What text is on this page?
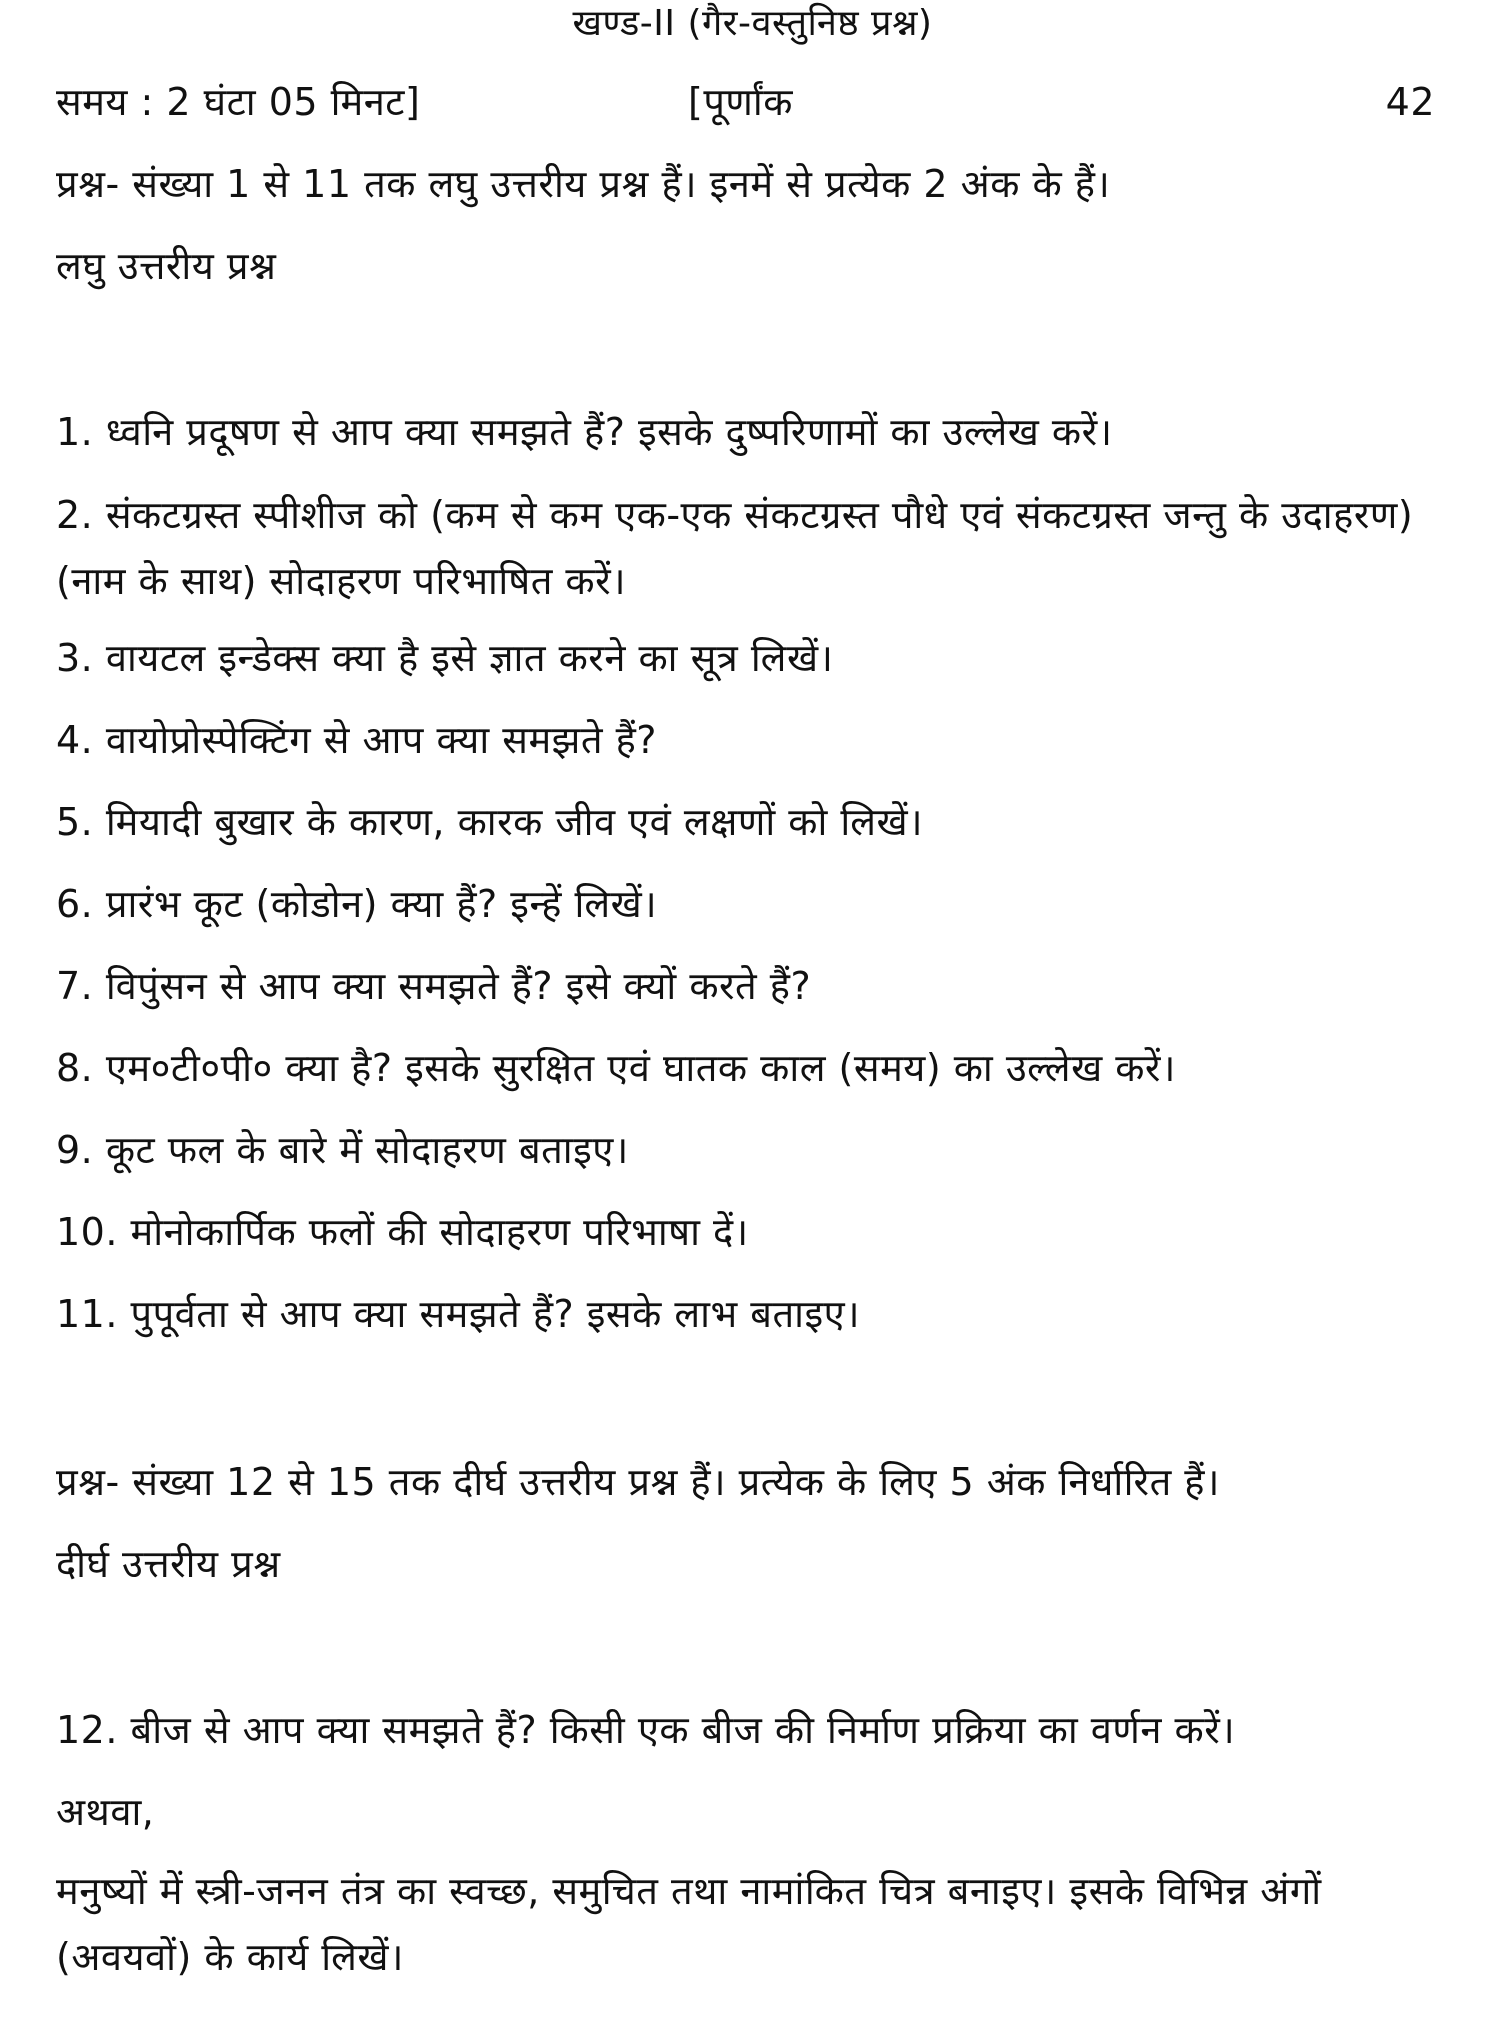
खण्ड-II (गैर-वस्तुनिष्ठ प्रश्न)
समय : 2 घंटा 05 मिनट]	[पूर्णांक	42
प्रश्न- संख्या 1 से 11 तक लघु उत्तरीय प्रश्न हैं। इनमें से प्रत्येक 2 अंक के हैं।
लघु उत्तरीय प्रश्न
1. ध्वनि प्रदूषण से आप क्या समझते हैं? इसके दुष्परिणामों का उल्लेख करें।
2. संकटग्रस्त स्पीशीज को (कम से कम एक-एक संकटग्रस्त पौधे एवं संकटग्रस्त जन्तु के उदाहरण) (नाम के साथ) सोदाहरण परिभाषित करें।
3. वायटल इन्डेक्स क्या है इसे ज्ञात करने का सूत्र लिखें।
4. वायोप्रोस्पेक्टिंग से आप क्या समझते हैं?
5. मियादी बुखार के कारण, कारक जीव एवं लक्षणों को लिखें।
6. प्रारंभ कूट (कोडोन) क्या हैं? इन्हें लिखें।
7. विपुंसन से आप क्या समझते हैं? इसे क्यों करते हैं?
8. एम०टी०पी० क्या है? इसके सुरक्षित एवं घातक काल (समय) का उल्लेख करें।
9. कूट फल के बारे में सोदाहरण बताइए।
10. मोनोकार्पिक फलों की सोदाहरण परिभाषा दें।
11. पुपूर्वता से आप क्या समझते हैं? इसके लाभ बताइए।
प्रश्न- संख्या 12 से 15 तक दीर्घ उत्तरीय प्रश्न हैं। प्रत्येक के लिए 5 अंक निर्धारित हैं।
दीर्घ उत्तरीय प्रश्न
12. बीज से आप क्या समझते हैं? किसी एक बीज की निर्माण प्रक्रिया का वर्णन करें।
अथवा,
मनुष्यों में स्त्री-जनन तंत्र का स्वच्छ, समुचित तथा नामांकित चित्र बनाइए। इसके विभिन्न अंगों (अवयवों) के कार्य लिखें।
